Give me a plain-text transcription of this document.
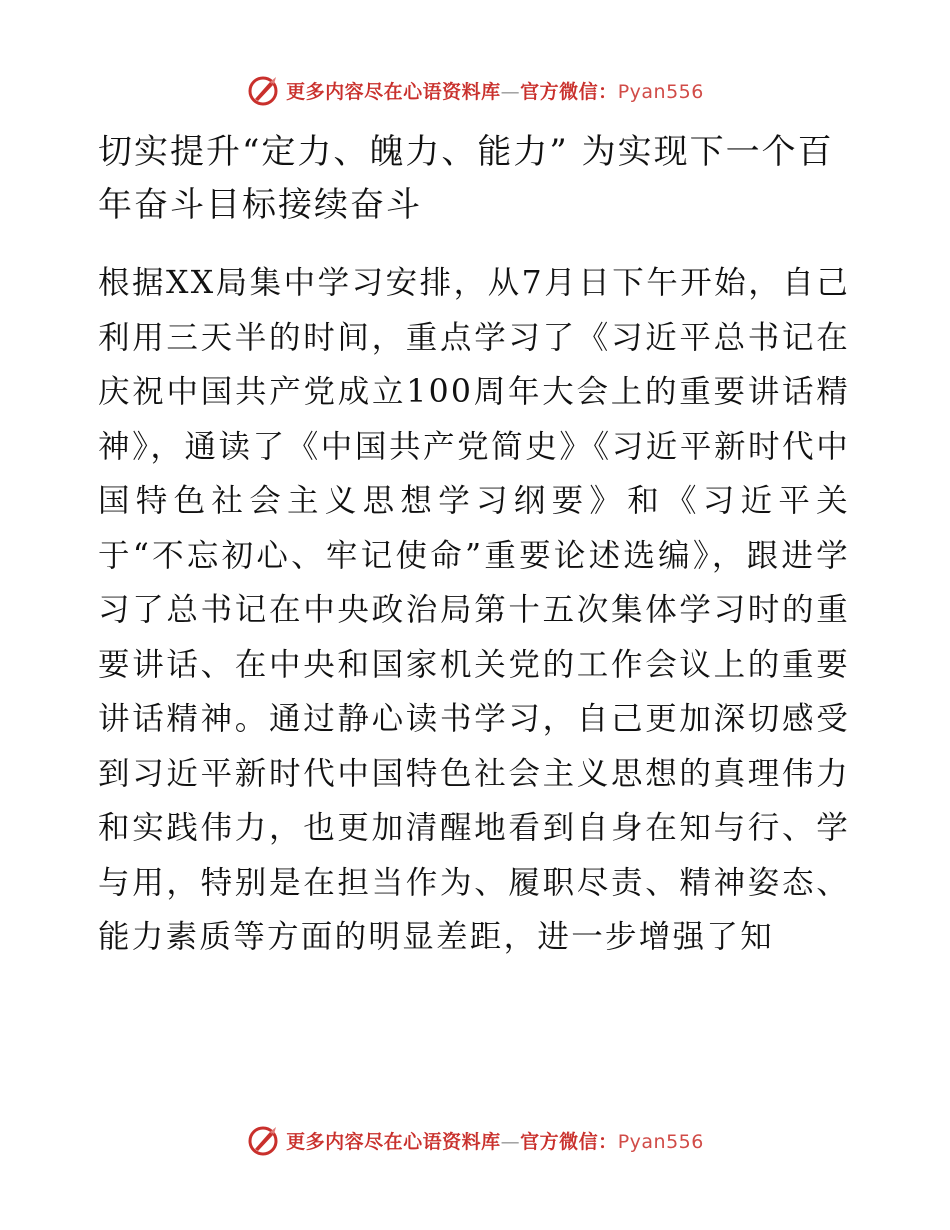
更多内容尽在心语资料库—官方微信：Pyan556
切实提升“定力、魄力、能力” 为实现下一个百年奋斗目标接续奋斗

根据XX局集中学习安排，从7月日下午开始，自己利用三天半的时间，重点学习了《习近平总书记在庆祝中国共产党成立100周年大会上的重要讲话精神》，通读了《中国共产党简史》《习近平新时代中国特色社会主义思想学习纲要》和《习近平关于“不忘初心、牢记使命”重要论述选编》，跟进学习了总书记在中央政治局第十五次集体学习时的重要讲话、在中央和国家机关党的工作会议上的重要讲话精神。通过静心读书学习，自己更加深切感受到习近平新时代中国特色社会主义思想的真理伟力和实践伟力，也更加清醒地看到自身在知与行、学与用，特别是在担当作为、履职尽责、精神姿态、能力素质等方面的明显差距，进一步增强了知

更多内容尽在心语资料库—官方微信：Pyan556
